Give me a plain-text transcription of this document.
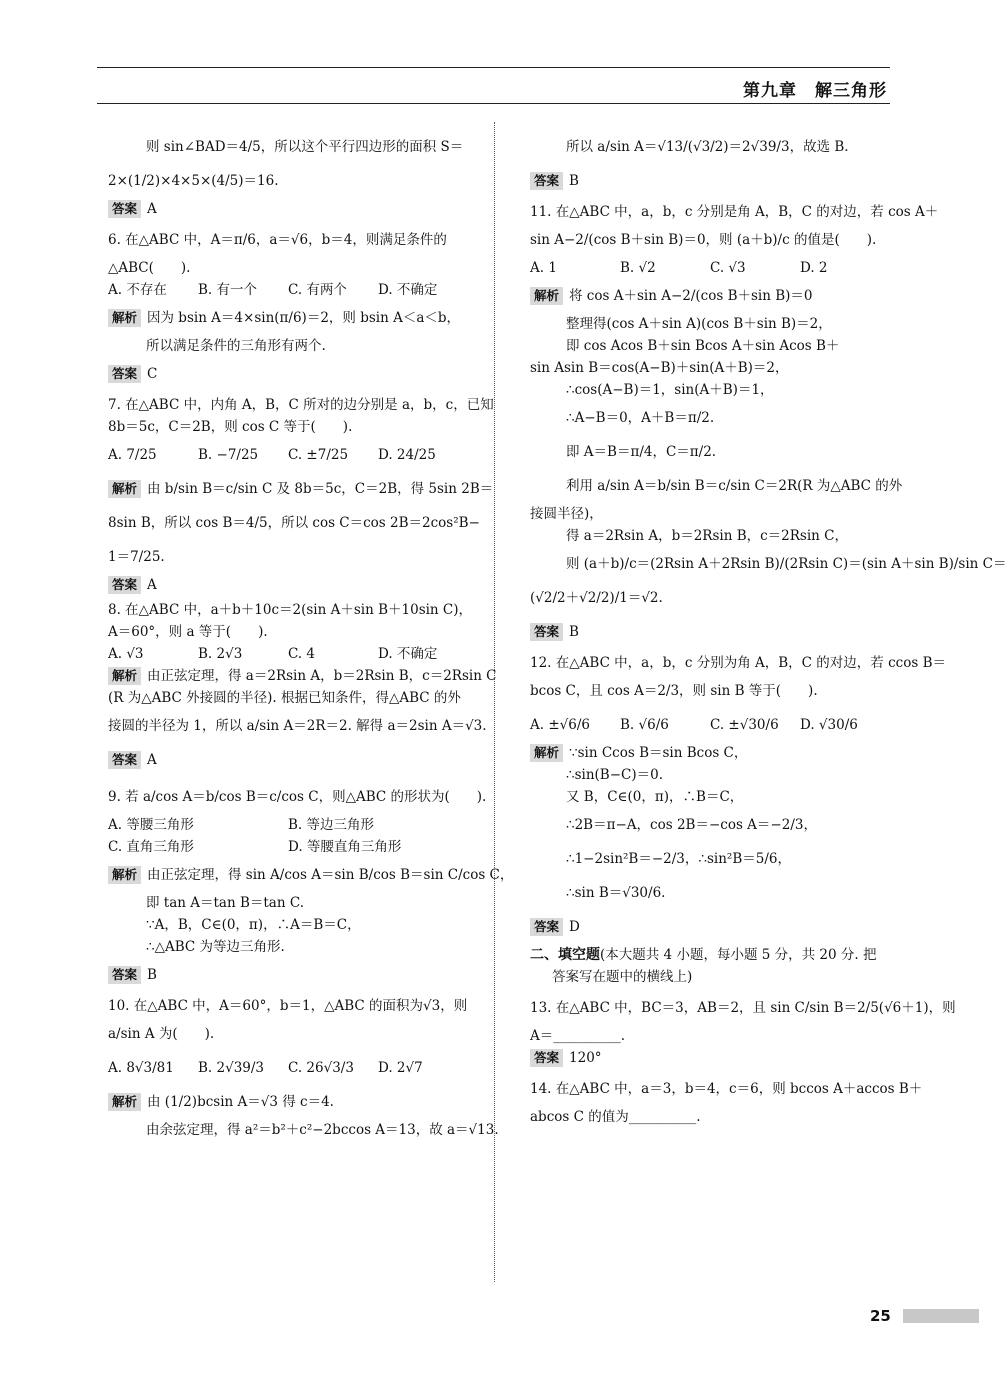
第九章　解三角形
则 sin∠BAD＝4/5，所以这个平行四边形的面积 S＝
2×(1/2)×4×5×(4/5)＝16.
答案 A
6. 在△ABC 中，A＝π/6，a＝√6，b＝4，则满足条件的
△ABC(　　).
A. 不存在	B. 有一个	C. 有两个	D. 不确定
解析 因为 bsin A＝4×sin(π/6)＝2，则 bsin A＜a＜b，
所以满足条件的三角形有两个.
答案 C
7. 在△ABC 中，内角 A，B，C 所对的边分别是 a，b，c，已知
8b＝5c，C＝2B，则 cos C 等于(　　).
A. 7/25	B. −7/25	C. ±7/25	D. 24/25
解析 由 b/sin B＝c/sin C 及 8b＝5c，C＝2B，得 5sin 2B＝
8sin B，所以 cos B＝4/5，所以 cos C＝cos 2B＝2cos²B−
1＝7/25.
答案 A
8. 在△ABC 中，a＋b＋10c＝2(sin A＋sin B＋10sin C)，
A＝60°，则 a 等于(　　).
A. √3	B. 2√3	C. 4	D. 不确定
解析 由正弦定理，得 a＝2Rsin A，b＝2Rsin B，c＝2Rsin C
(R 为△ABC 外接圆的半径). 根据已知条件，得△ABC 的外
接圆的半径为 1，所以 a/sin A＝2R＝2. 解得 a＝2sin A＝√3.
答案 A
9. 若 a/cos A＝b/cos B＝c/cos C，则△ABC 的形状为(　　).
A. 等腰三角形	B. 等边三角形
C. 直角三角形	D. 等腰直角三角形
解析 由正弦定理，得 sin A/cos A＝sin B/cos B＝sin C/cos C，
即 tan A＝tan B＝tan C.
∵A，B，C∈(0，π)，∴A＝B＝C，
∴△ABC 为等边三角形.
答案 B
10. 在△ABC 中，A＝60°，b＝1，△ABC 的面积为√3，则
a/sin A 为(　　).
A. 8√3/81	B. 2√39/3	C. 26√3/3	D. 2√7
解析 由 (1/2)bcsin A＝√3 得 c＝4.
由余弦定理，得 a²＝b²＋c²−2bccos A＝13，故 a＝√13.
所以 a/sin A＝√13/(√3/2)＝2√39/3，故选 B.
答案 B
11. 在△ABC 中，a，b，c 分别是角 A，B，C 的对边，若 cos A＋
sin A−2/(cos B＋sin B)＝0，则 (a＋b)/c 的值是(　　).
A. 1	B. √2	C. √3	D. 2
解析 将 cos A＋sin A−2/(cos B＋sin B)＝0
整理得(cos A＋sin A)(cos B＋sin B)＝2，
即 cos Acos B＋sin Bcos A＋sin Acos B＋
sin Asin B＝cos(A−B)＋sin(A＋B)＝2，
∴cos(A−B)＝1，sin(A＋B)＝1，
∴A−B＝0，A＋B＝π/2.
即 A＝B＝π/4，C＝π/2.
利用 a/sin A＝b/sin B＝c/sin C＝2R(R 为△ABC 的外
接圆半径)，
得 a＝2Rsin A，b＝2Rsin B，c＝2Rsin C，
则 (a＋b)/c＝(2Rsin A＋2Rsin B)/(2Rsin C)＝(sin A＋sin B)/sin C＝
(√2/2＋√2/2)/1＝√2.
答案 B
12. 在△ABC 中，a，b，c 分别为角 A，B，C 的对边，若 ccos B＝
bcos C，且 cos A＝2/3，则 sin B 等于(　　).
A. ±√6/6	B. √6/6	C. ±√30/6	D. √30/6
解析 ∵sin Ccos B＝sin Bcos C，
∴sin(B−C)＝0.
又 B，C∈(0，π)，∴B＝C，
∴2B＝π−A，cos 2B＝−cos A＝−2/3，
∴1−2sin²B＝−2/3，∴sin²B＝5/6，
∴sin B＝√30/6.
答案 D
二、填空题(本大题共 4 小题，每小题 5 分，共 20 分. 把
答案写在题中的横线上)
13. 在△ABC 中，BC＝3，AB＝2，且 sin C/sin B＝2/5(√6＋1)，则
A＝__________.
答案 120°
14. 在△ABC 中，a＝3，b＝4，c＝6，则 bccos A＋accos B＋
abcos C 的值为__________.
25
